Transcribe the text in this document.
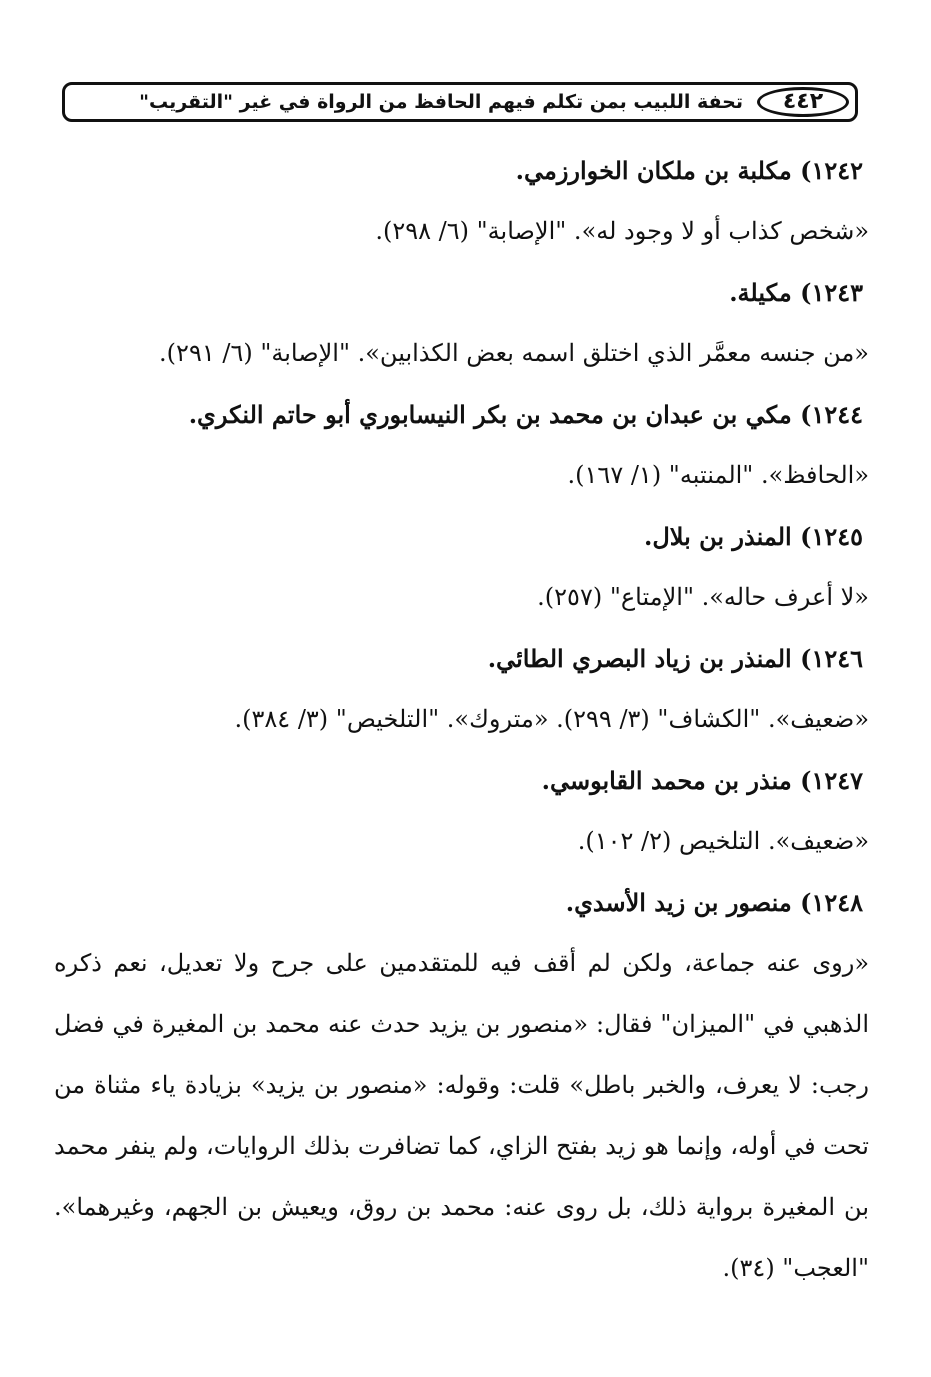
٤٤٢
تحفة اللبيب بمن تكلم فيهم الحافظ من الرواة في غير "التقريب"
١٢٤٢) مكلبة بن ملكان الخوارزمي.
«شخص كذاب أو لا وجود له». "الإصابة" (٦/ ٢٩٨).
١٢٤٣) مكيلة.
«من جنسه معمَّر الذي اختلق اسمه بعض الكذابين». "الإصابة" (٦/ ٢٩١).
١٢٤٤) مكي بن عبدان بن محمد بن بكر النيسابوري أبو حاتم النكري.
«الحافظ». "المنتبه" (١/ ١٦٧).
١٢٤٥) المنذر بن بلال.
«لا أعرف حاله». "الإمتاع" (٢٥٧).
١٢٤٦) المنذر بن زياد البصري الطائي.
«ضعيف». "الكشاف" (٣/ ٢٩٩). «متروك». "التلخيص" (٣/ ٣٨٤).
١٢٤٧) منذر بن محمد القابوسي.
«ضعيف». التلخيص (٢/ ١٠٢).
١٢٤٨) منصور بن زيد الأسدي.
«روى عنه جماعة، ولكن لم أقف فيه للمتقدمين على جرح ولا تعديل، نعم ذكره الذهبي في "الميزان" فقال: «منصور بن يزيد حدث عنه محمد بن المغيرة في فضل رجب: لا يعرف، والخبر باطل» قلت: وقوله: «منصور بن يزيد» بزيادة ياء مثناة من تحت في أوله، وإنما هو زيد بفتح الزاي، كما تضافرت بذلك الروايات، ولم ينفر محمد بن المغيرة برواية ذلك، بل روى عنه: محمد بن روق، ويعيش بن الجهم، وغيرهما». "العجب" (٣٤).
